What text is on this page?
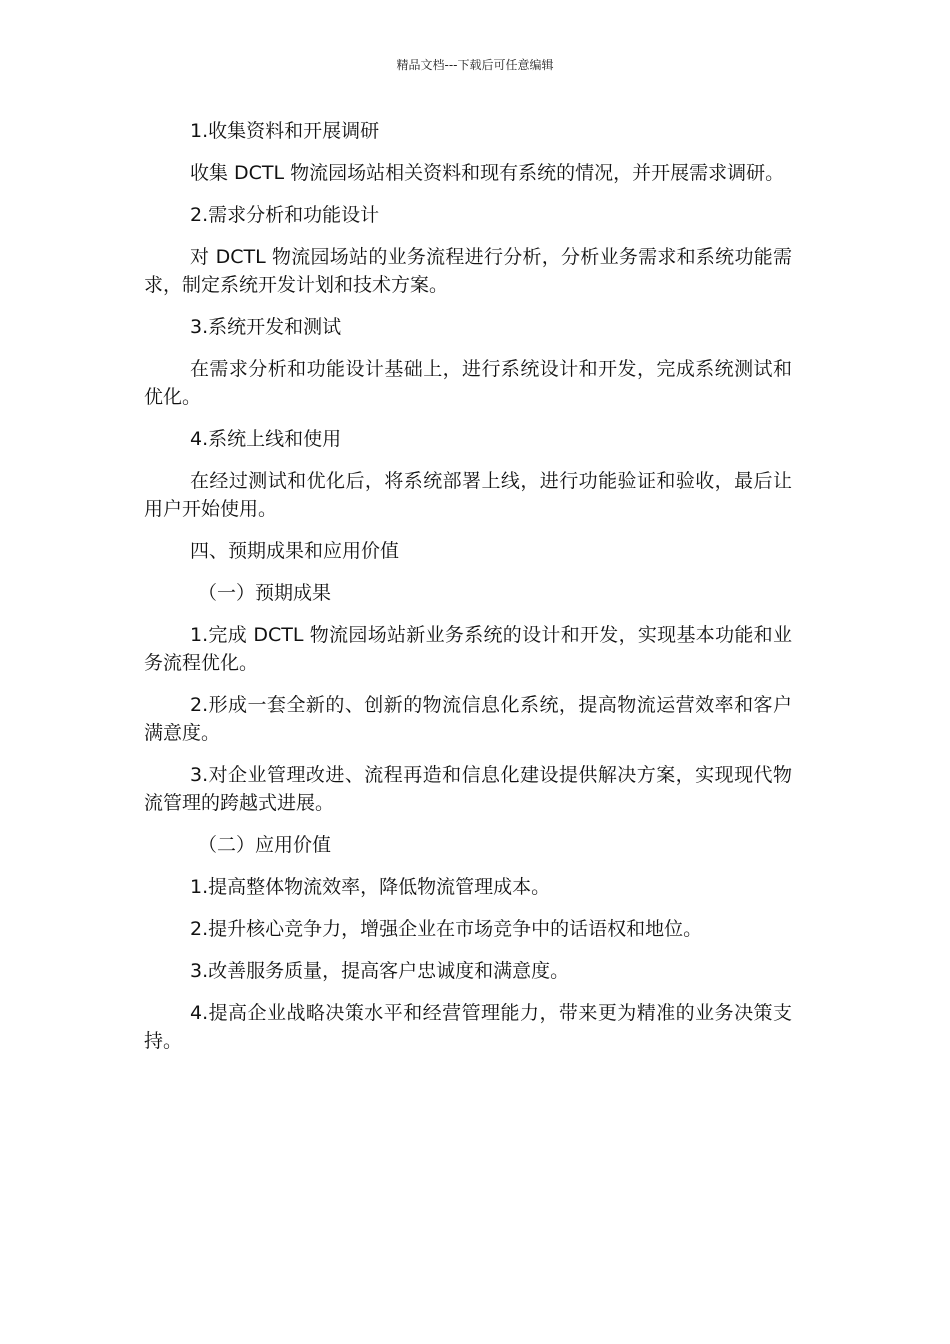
精品文档---下载后可任意编辑

1.收集资料和开展调研

收集 DCTL 物流园场站相关资料和现有系统的情况，并开展需求调研。

2.需求分析和功能设计

对 DCTL 物流园场站的业务流程进行分析，分析业务需求和系统功能需求，制定系统开发计划和技术方案。

3.系统开发和测试

在需求分析和功能设计基础上，进行系统设计和开发，完成系统测试和优化。

4.系统上线和使用

在经过测试和优化后，将系统部署上线，进行功能验证和验收，最后让用户开始使用。

四、预期成果和应用价值

（一）预期成果

1.完成 DCTL 物流园场站新业务系统的设计和开发，实现基本功能和业务流程优化。

2.形成一套全新的、创新的物流信息化系统，提高物流运营效率和客户满意度。

3.对企业管理改进、流程再造和信息化建设提供解决方案，实现现代物流管理的跨越式进展。

（二）应用价值

1.提高整体物流效率，降低物流管理成本。

2.提升核心竞争力，增强企业在市场竞争中的话语权和地位。

3.改善服务质量，提高客户忠诚度和满意度。

4.提高企业战略决策水平和经营管理能力，带来更为精准的业务决策支持。
